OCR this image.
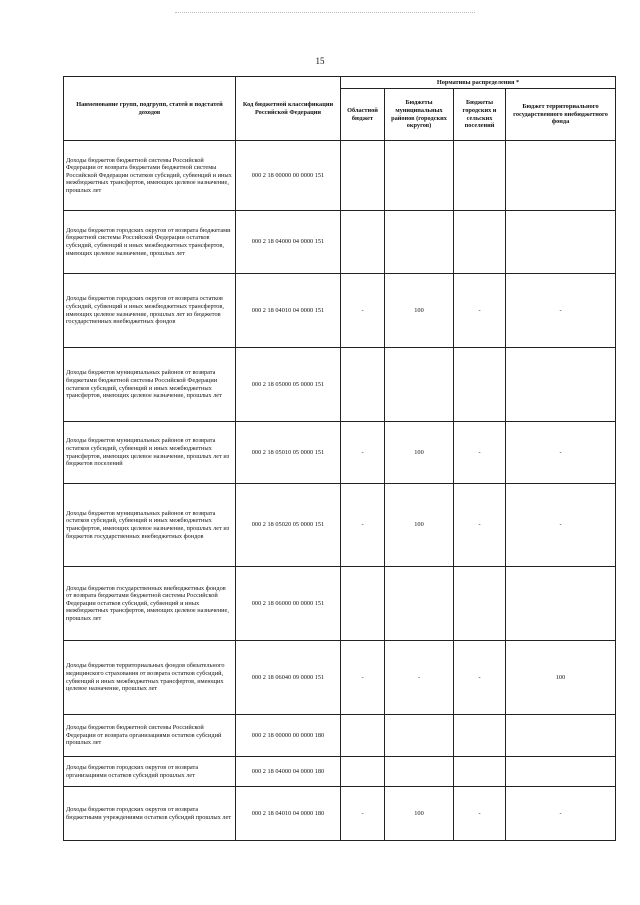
15
Наименование групп, подгрупп, статей и подстатей доходов	Код бюджетной классификации Российской Федерации	Нормативы распределения *			
		Областной бюджет	Бюджеты муниципальных районов (городских округов)	Бюджеты городских и сельских поселений	Бюджет территориального государственного внебюджетного фонда
Доходы бюджетов бюджетной системы Российской Федерации от возврата бюджетами бюджетной системы Российской Федерации остатков субсидий, субвенций и иных межбюджетных трансфертов, имеющих целевое назначение, прошлых лет	000 2 18 00000 00 0000 151				
Доходы бюджетов городских округов от возврата бюджетами бюджетной системы Российской Федерации остатков субсидий, субвенций и иных межбюджетных трансфертов, имеющих целевое назначение, прошлых лет	000 2 18 04000 04 0000 151				
Доходы бюджетов городских округов от возврата остатков субсидий, субвенций и иных межбюджетных трансфертов, имеющих целевое назначение, прошлых лет из бюджетов государственных внебюджетных фондов	000 2 18 04010 04 0000 151	-	100	-	-
Доходы бюджетов муниципальных районов от возврата бюджетами бюджетной системы Российской Федерации остатков субсидий, субвенций и иных межбюджетных трансфертов, имеющих целевое назначение, прошлых лет	000 2 18 05000 05 0000 151				
Доходы бюджетов муниципальных районов от возврата остатков субсидий, субвенций и иных межбюджетных трансфертов, имеющих целевое назначение, прошлых лет из бюджетов поселений	000 2 18 05010 05 0000 151	-	100	-	-
Доходы бюджетов муниципальных районов от возврата остатков субсидий, субвенций и иных межбюджетных трансфертов, имеющих целевое назначение, прошлых лет из бюджетов государственных внебюджетных фондов	000 2 18 05020 05 0000 151	-	100	-	-
Доходы бюджетов государственных внебюджетных фондов от возврата бюджетами бюджетной системы Российской Федерации остатков субсидий, субвенций и иных межбюджетных трансфертов, имеющих целевое назначение, прошлых лет	000 2 18 06000 00 0000 151				
Доходы бюджетов территориальных фондов обязательного медицинского страхования от возврата остатков субсидий, субвенций и иных межбюджетных трансфертов, имеющих целевое назначение, прошлых лет	000 2 18 06040 09 0000 151	-	-	-	100
Доходы бюджетов бюджетной системы Российской Федерации от возврата организациями остатков субсидий прошлых лет	000 2 18 00000 00 0000 180				
Доходы бюджетов городских округов от возврата организациями остатков субсидий прошлых лет	000 2 18 04000 04 0000 180				
Доходы бюджетов городских округов от возврата бюджетными учреждениями остатков субсидий прошлых лет	000 2 18 04010 04 0000 180	-	100	-	-
